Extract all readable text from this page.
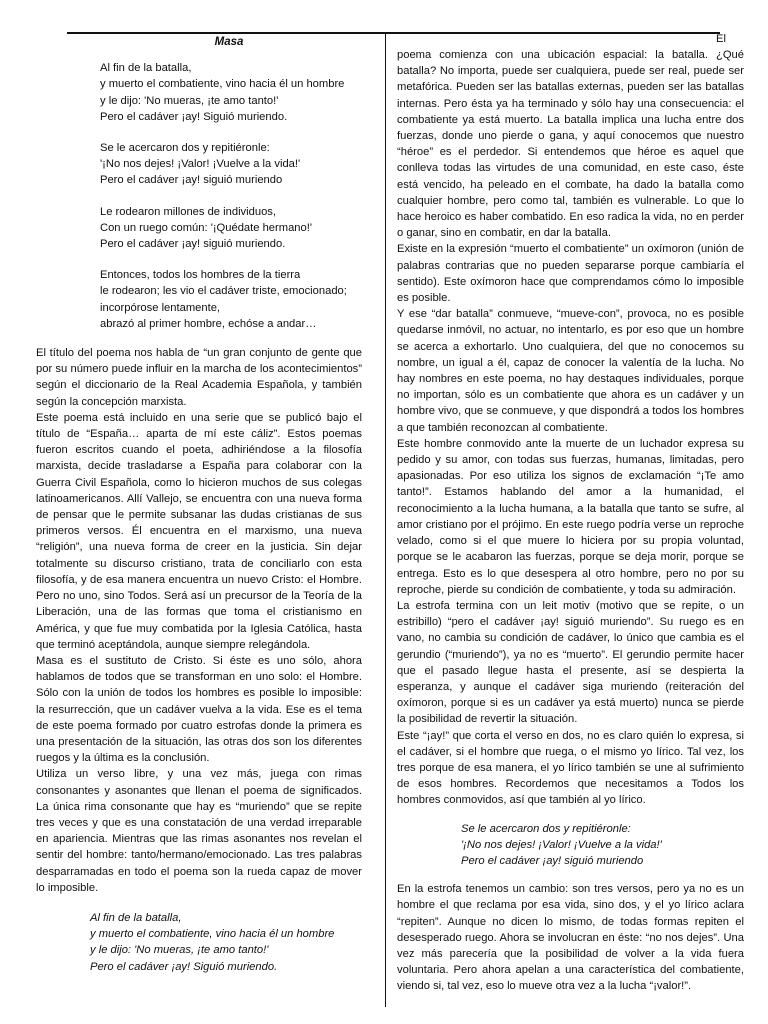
Masa
Al fin de la batalla,
y muerto el combatiente, vino hacia él un hombre
y le dijo: 'No mueras, ¡te amo tanto!'
Pero el cadáver ¡ay! Siguió muriendo.
Se le acercaron dos y repitiéronle:
'¡No nos dejes! ¡Valor! ¡Vuelve a la vida!'
Pero el cadáver ¡ay! siguió muriendo
Le rodearon millones de individuos,
Con un ruego común: '¡Quédate hermano!'
Pero el cadáver ¡ay! siguió muriendo.
Entonces, todos los hombres de la tierra
le rodearon; les vio el cadáver triste, emocionado;
incorpórose lentamente,
abrazó al primer hombre, echóse a andar…

El título del poema nos habla de “un gran conjunto de gente que por su número puede influir en la marcha de los acontecimientos” según el diccionario de la Real Academia Española, y también según la concepción marxista.

Este poema está incluido en una serie que se publicó bajo el título de “España… aparta de mí este cáliz”. Estos poemas fueron escritos cuando el poeta, adhiriéndose a la filosofía marxista, decide trasladarse a España para colaborar con la Guerra Civil Española, como lo hicieron muchos de sus colegas latinoamericanos. Allí Vallejo, se encuentra con una nueva forma de pensar que le permite subsanar las dudas cristianas de sus primeros versos. Él encuentra en el marxismo, una nueva “religión”, una nueva forma de creer en la justicia. Sin dejar totalmente su discurso cristiano, trata de conciliarlo con esta filosofía, y de esa manera encuentra un nuevo Cristo: el Hombre. Pero no uno, sino Todos. Será así un precursor de la Teoría de la Liberación, una de las formas que toma el cristianismo en América, y que fue muy combatida por la Iglesia Católica, hasta que terminó aceptándola, aunque siempre relegándola.

Masa es el sustituto de Cristo. Si éste es uno sólo, ahora hablamos de todos que se transforman en uno solo: el Hombre. Sólo con la unión de todos los hombres es posible lo imposible: la resurrección, que un cadáver vuelva a la vida. Ese es el tema de este poema formado por cuatro estrofas donde la primera es una presentación de la situación, las otras dos son los diferentes ruegos y la última es la conclusión.

Utiliza un verso libre, y una vez más, juega con rimas consonantes y asonantes que llenan el poema de significados. La única rima consonante que hay es “muriendo” que se repite tres veces y que es una constatación de una verdad irreparable en apariencia. Mientras que las rimas asonantes nos revelan el sentir del hombre: tanto/hermano/emocionado. Las tres palabras desparramadas en todo el poema son la rueda capaz de mover lo imposible.

Al fin de la batalla,
y muerto el combatiente, vino hacia él un hombre
y le dijo: 'No mueras, ¡te amo tanto!'
Pero el cadáver ¡ay! Siguió muriendo.
El

poema comienza con una ubicación espacial: la batalla. ¿Qué batalla? No importa, puede ser cualquiera, puede ser real, puede ser metafórica. Pueden ser las batallas externas, pueden ser las batallas internas. Pero ésta ya ha terminado y sólo hay una consecuencia: el combatiente ya está muerto. La batalla implica una lucha entre dos fuerzas, donde uno pierde o gana, y aquí conocemos que nuestro “héroe” es el perdedor. Si entendemos que héroe es aquel que conlleva todas las virtudes de una comunidad, en este caso, éste está vencido, ha peleado en el combate, ha dado la batalla como cualquier hombre, pero como tal, también es vulnerable. Lo que lo hace heroico es haber combatido. En eso radica la vida, no en perder o ganar, sino en combatir, en dar la batalla.

Existe en la expresión “muerto el combatiente” un oxímoron (unión de palabras contrarias que no pueden separarse porque cambiaría el sentido). Este oxímoron hace que comprendamos cómo lo imposible es posible.

Y ese “dar batalla” conmueve, “mueve-con”, provoca, no es posible quedarse inmóvil, no actuar, no intentarlo, es por eso que un hombre se acerca a exhortarlo. Uno cualquiera, del que no conocemos su nombre, un igual a él, capaz de conocer la valentía de la lucha. No hay nombres en este poema, no hay destaques individuales, porque no importan, sólo es un combatiente que ahora es un cadáver y un hombre vivo, que se conmueve, y que dispondrá a todos los hombres a que también reconozcan al combatiente.

Este hombre conmovido ante la muerte de un luchador expresa su pedido y su amor, con todas sus fuerzas, humanas, limitadas, pero apasionadas. Por eso utiliza los signos de exclamación “¡Te amo tanto!”. Estamos hablando del amor a la humanidad, el reconocimiento a la lucha humana, a la batalla que tanto se sufre, al amor cristiano por el prójimo. En este ruego podría verse un reproche velado, como si el que muere lo hiciera por su propia voluntad, porque se le acabaron las fuerzas, porque se deja morir, porque se entrega. Esto es lo que desespera al otro hombre, pero no por su reproche, pierde su condición de combatiente, y toda su admiración.

La estrofa termina con un leit motiv (motivo que se repite, o un estribillo) “pero el cadáver ¡ay! siguió muriendo”. Su ruego es en vano, no cambia su condición de cadáver, lo único que cambia es el gerundio (“muriendo”), ya no es “muerto”. El gerundio permite hacer que el pasado llegue hasta el presente, así se despierta la esperanza, y aunque el cadáver siga muriendo (reiteración del oxímoron, porque si es un cadáver ya está muerto) nunca se pierde la posibilidad de revertir la situación.

Este “¡ay!” que corta el verso en dos, no es claro quién lo expresa, si el cadáver, si el hombre que ruega, o el mismo yo lírico. Tal vez, los tres porque de esa manera, el yo lírico también se une al sufrimiento de esos hombres. Recordemos que necesitamos a Todos los hombres conmovidos, así que también al yo lírico.

Se le acercaron dos y repitiéronle:
'¡No nos dejes! ¡Valor! ¡Vuelve a la vida!'
Pero el cadáver ¡ay! siguió muriendo

En la estrofa tenemos un cambio: son tres versos, pero ya no es un hombre el que reclama por esa vida, sino dos, y el yo lírico aclara “repiten”. Aunque no dicen lo mismo, de todas formas repiten el desesperado ruego. Ahora se involucran en éste: “no nos dejes”. Una vez más parecería que la posibilidad de volver a la vida fuera voluntaria. Pero ahora apelan a una característica del combatiente, viendo si, tal vez, eso lo mueve otra vez a la lucha “¡valor!”.
